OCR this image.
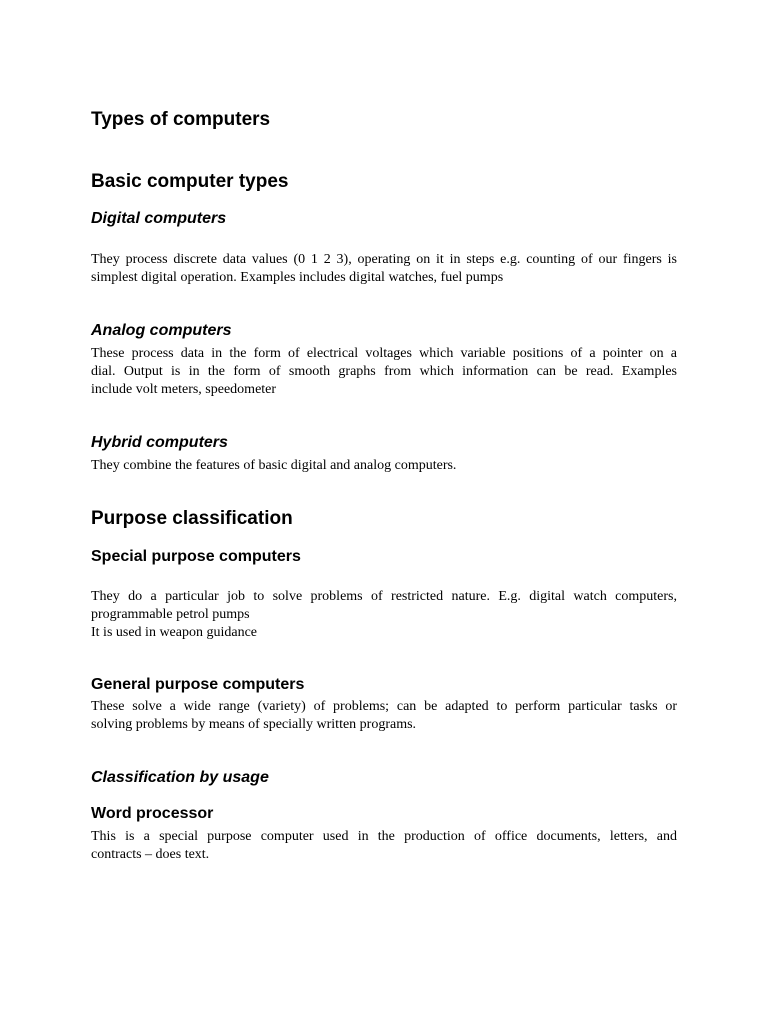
Types of computers
Basic computer types
Digital computers
They process discrete data values (0 1 2 3), operating on it in steps e.g. counting of our fingers is
simplest digital operation. Examples includes digital watches, fuel pumps
Analog computers
These process data in the form of electrical voltages which variable positions of a pointer on a
dial. Output is in the form of smooth graphs from which information can be read. Examples
include volt meters, speedometer
Hybrid computers
They combine the features of basic digital and analog computers.
Purpose classification
Special purpose computers
They do a particular job to solve problems of restricted nature. E.g. digital watch computers,
programmable petrol pumps
It is used in weapon guidance
General purpose computers
These solve a wide range (variety) of problems; can be adapted to perform particular tasks or
solving problems by means of specially written programs.
Classification by usage
Word processor
This is a special purpose computer used in the production of office documents, letters, and
contracts – does text.
